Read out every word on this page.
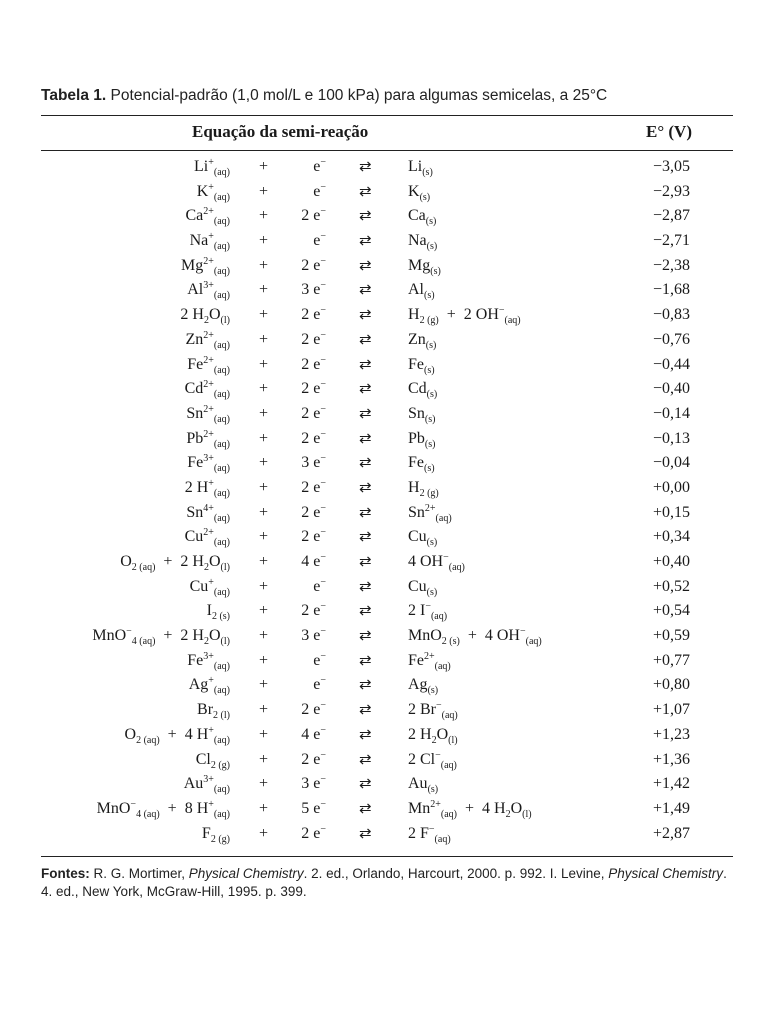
Tabela 1. Potencial-padrão (1,0 mol/L e 100 kPa) para algumas semicelas, a 25°C
Equação da semi-reação	E° (V)
$Li^+_{(aq)}$ +	e− ⇄ $Li_{(s)}$	−3,05
$K^+_{(aq)}$ +	e− ⇄ $K_{(s)}$	−2,93
$Ca^{2+}_{(aq)} + 2$ e− ⇄ $Ca_{(s)}$	−2,87
$Na^+_{(aq)}$ +	e− ⇄ $Na_{(s)}$	−2,71
$Mg^{2+}_{(aq)} + 2$ e− ⇄ $Mg_{(s)}$	−2,38
$Al^{3+}_{(aq)} + 3$ e− ⇄ $Al_{(s)}$	−1,68
2 $H_2O_{(l)} + 2$ e− ⇄ $H_{2 (g)} + 2$ $OH^-_{(aq)}$	−0,83
$Zn^{2+}_{(aq)} + 2$ e− ⇄ $Zn_{(s)}$	−0,76
$Fe^{2+}_{(aq)} + 2$ e− ⇄ $Fe_{(s)}$	−0,44
$Cd^{2+}_{(aq)} + 2$ e− ⇄ $Cd_{(s)}$	−0,40
$Sn^{2+}_{(aq)} + 2$ e− ⇄ $Sn_{(s)}$	−0,14
$Pb^{2+}_{(aq)} + 2$ e− ⇄ $Pb_{(s)}$	−0,13
$Fe^{3+}_{(aq)} + 3$ e− ⇄ $Fe_{(s)}$	−0,04
2 $H^+_{(aq)} + 2$ e− ⇄ $H_{2 (g)}$	+0,00
$Sn^{4+}_{(aq)} + 2$ e− ⇄ $Sn^{2+}_{(aq)}$	+0,15
$Cu^{2+}_{(aq)} + 2$ e− ⇄ $Cu_{(s)}$	+0,34
$O_{2 (aq)} + 2$ $H_2O_{(l)} + 4$ e− ⇄ 4 $OH^-_{(aq)}$	+0,40
$Cu^+_{(aq)}$ +	e− ⇄ $Cu_{(s)}$	+0,52
$I_{2 (s)} + 2$ e− ⇄ 2 $I^-_{(aq)}$	+0,54
MnO−$_{4 (aq)}$  +  2 $H_2O_{(l)} + 3$ e− ⇄ MnO$_{2 (s)}$  +  4 $OH^-_{(aq)}$	+0,59
$Fe^{3+}_{(aq)}$ +	e− ⇄ $Fe^{2+}_{(aq)}$	+0,77
$Ag^+_{(aq)}$ +	e− ⇄ $Ag_{(s)}$	+0,80
$Br_{2 (l)} + 2$ e− ⇄ 2 $Br^-_{(aq)}$	+1,07
$O_{2 (aq)} + 4$ $H^+_{(aq)} + 4$ e− ⇄ 2 $H_2O_{(l)}$	+1,23
$Cl_{2 (g)} + 2$ e− ⇄ 2 $Cl^-_{(aq)}$	+1,36
$Au^{3+}_{(aq)} + 3$ e− ⇄ $Au_{(s)}$	+1,42
MnO−$_{4 (aq)}$  +  8 $H^+_{(aq)} + 5$ e− ⇄ $Mn^{2+}_{(aq)} + 4$ $H_2O_{(l)}$	+1,49
$F_{2 (g)} + 2$ e− ⇄ 2 $F^-_{(aq)}$	+2,87
Fontes: R. G. Mortimer, Physical Chemistry. 2. ed., Orlando, Harcourt, 2000. p. 992. I. Levine, Physical Chemistry. 4. ed., New York, McGraw-Hill, 1995. p. 399.
